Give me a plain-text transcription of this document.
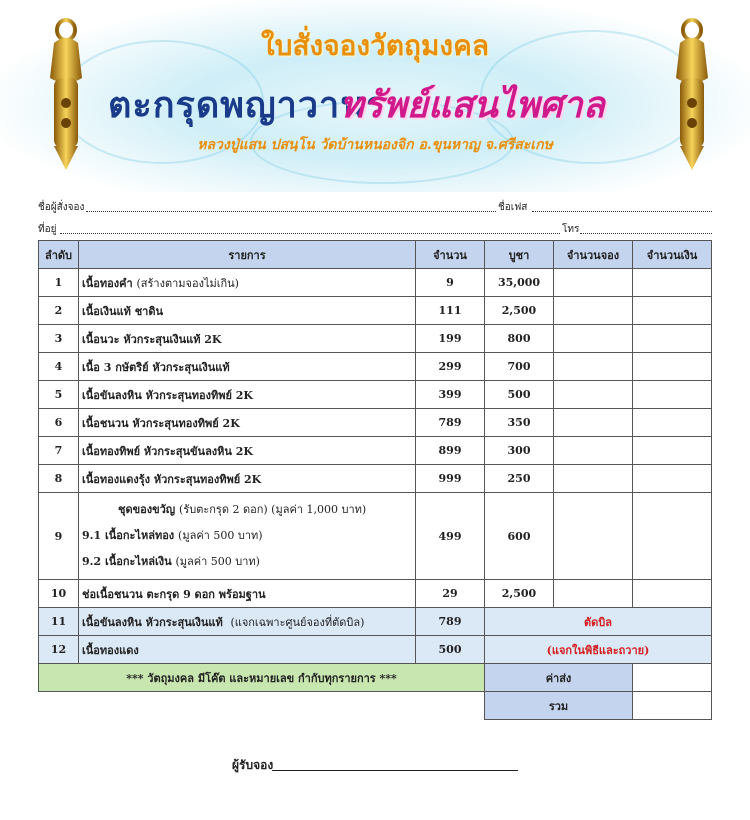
ใบสั่งจองวัตถุมงคล
ตะกรุดพญาวานร
ทรัพย์แสนไพศาล
หลวงปู่แสน ปสนฺโน วัดบ้านหนองจิก อ.ขุนหาญ จ.ศรีสะเกษ
ชื่อผู้สั่งจอง	ชื่อเฟส
ที่อยู่	โทร
ลำดับ	รายการ	จำนวน	บูชา	จำนวนจอง	จำนวนเงิน
1	เนื้อทองคำ (สร้างตามจองไม่เกิน)	9	35,000		
2	เนื้อเงินแท้ ชาดิน	111	2,500		
3	เนื้อนวะ หัวกระสุนเงินแท้ 2K	199	800		
4	เนื้อ 3 กษัตริย์ หัวกระสุนเงินแท้	299	700		
5	เนื้อขันลงหิน หัวกระสุนทองทิพย์ 2K	399	500		
6	เนื้อชนวน หัวกระสุนทองทิพย์ 2K	789	350		
7	เนื้อทองทิพย์ หัวกระสุนขันลงหิน 2K	899	300		
8	เนื้อทองแดงรุ้ง หัวกระสุนทองทิพย์ 2K	999	250		
9	ชุดของขวัญ (รับตะกรุด 2 ดอก) (มูลค่า 1,000 บาท)
9.1 เนื้อกะไหล่ทอง (มูลค่า 500 บาท)
9.2 เนื้อกะไหล่เงิน (มูลค่า 500 บาท)	499	600		
10	ช่อเนื้อชนวน ตะกรุด 9 ดอก พร้อมฐาน	29	2,500		
11	เนื้อขันลงหิน หัวกระสุนเงินแท้ (แจกเฉพาะศูนย์จองที่ตัดบิล)	789	ตัดบิล		
12	เนื้อทองแดง	500	(แจกในพิธีและถวาย)		
*** วัตถุมงคล มีโค๊ต และหมายเลข กำกับทุกรายการ ***			ค่าส่ง		
			รวม		
ผู้รับจอง
